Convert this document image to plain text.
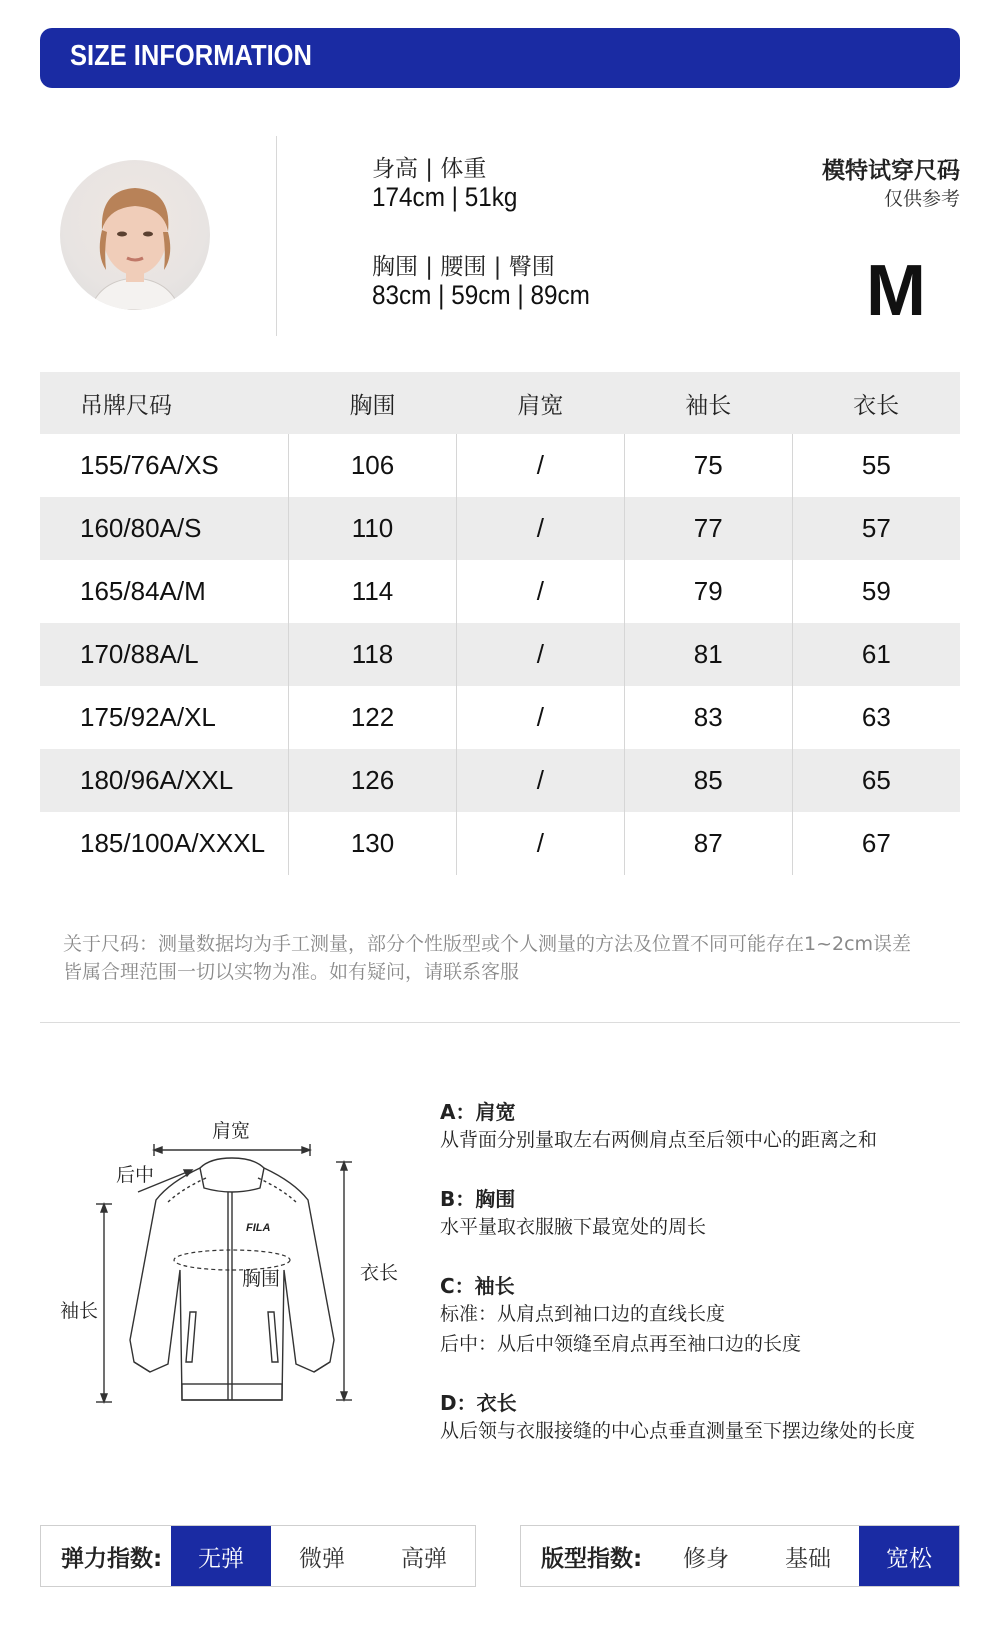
SIZE INFORMATION
身高 | 体重
174cm | 51kg
胸围 | 腰围 | 臀围
83cm | 59cm | 89cm
模特试穿尺码
仅供参考
M
吊牌尺码	胸围	肩宽	袖长	衣长
155/76A/XS	106	/	75	55
160/80A/S	110	/	77	57
165/84A/M	114	/	79	59
170/88A/L	118	/	81	61
175/92A/XL	122	/	83	63
180/96A/XXL	126	/	85	65
185/100A/XXXL	130	/	87	67
关于尺码：测量数据均为手工测量，部分个性版型或个人测量的方法及位置不同可能存在1~2cm误差
皆属合理范围一切以实物为准。如有疑问，请联系客服
肩宽
后中
胸围
袖长
衣长
FILA
A：肩宽
从背面分别量取左右两侧肩点至后领中心的距离之和
B：胸围
水平量取衣服腋下最宽处的周长
C：袖长
标准：从肩点到袖口边的直线长度
后中：从后中领缝至肩点再至袖口边的长度
D：衣长
从后领与衣服接缝的中心点垂直测量至下摆边缘处的长度
弹力指数:	无弹	微弹	高弹	版型指数:	修身	基础	宽松
